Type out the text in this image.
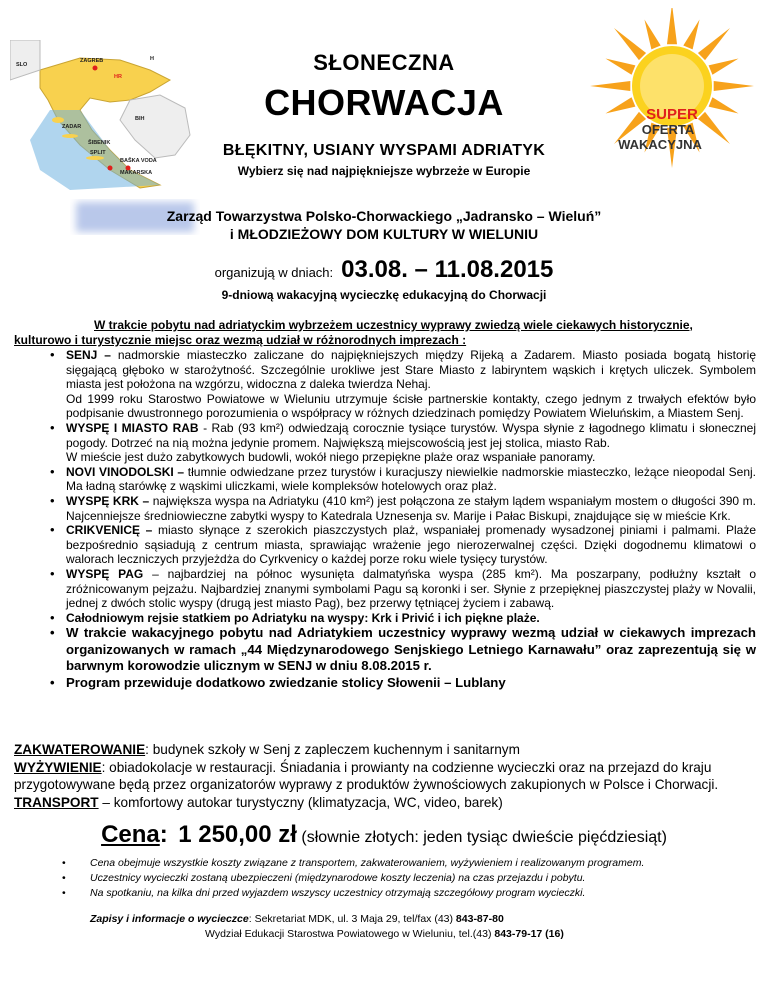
SLO
ZAGREB	H
HR
BIH
ZADAR
ŠIBENIK
SPLIT
BAŠKA VODA
MAKARSKA
SUPER
OFERTA
WAKACYJNA
SŁONECZNA
CHORWACJA
BŁĘKITNY, USIANY WYSPAMI ADRIATYK
Wybierz się nad najpiękniejsze wybrzeże w Europie
Zarząd Towarzystwa Polsko-Chorwackiego „Jadransko – Wieluń”
i MŁODZIEŻOWY DOM KULTURY W WIELUNIU
organizują w dniach: 03.08. – 11.08.2015
9-dniową wakacyjną wycieczkę edukacyjną do Chorwacji
W trakcie pobytu nad adriatyckim wybrzeżem uczestnicy wyprawy zwiedzą wiele ciekawych historycznie,
kulturowo i turystycznie miejsc oraz wezmą udział w różnorodnych imprezach :
• SENJ – nadmorskie miasteczko zaliczane do najpiękniejszych między Rijeką a Zadarem. Miasto posiada bogatą historię sięgającą głęboko w starożytność. Szczególnie urokliwe jest Stare Miasto z labiryntem wąskich i krętych uliczek. Symbolem miasta jest położona na wzgórzu, widoczna z daleka twierdza Nehaj.
Od 1999 roku Starostwo Powiatowe w Wieluniu utrzymuje ścisłe partnerskie kontakty, czego jednym z trwałych efektów było podpisanie dwustronnego porozumienia o współpracy w różnych dziedzinach pomiędzy Powiatem Wieluńskim, a Miastem Senj.
• WYSPĘ I MIASTO RAB - Rab (93 km²) odwiedzają corocznie tysiące turystów. Wyspa słynie z łagodnego klimatu i słonecznej pogody. Dotrzeć na nią można jedynie promem. Największą miejscowością jest jej stolica, miasto Rab.
W mieście jest dużo zabytkowych budowli, wokół niego przepiękne plaże oraz wspaniałe panoramy.
• NOVI VINODOLSKI – tłumnie odwiedzane przez turystów i kuracjuszy niewielkie nadmorskie miasteczko, leżące nieopodal Senj. Ma ładną starówkę z wąskimi uliczkami, wiele kompleksów hotelowych oraz plaż.
• WYSPĘ KRK – największa wyspa na Adriatyku (410 km²) jest połączona ze stałym lądem wspaniałym mostem o długości 390 m. Najcenniejsze średniowieczne zabytki wyspy to Katedrala Uznesenja sv. Marije i Pałac Biskupi, znajdujące się w mieście Krk.
• CRIKVENICĘ – miasto słynące z szerokich piaszczystych plaż, wspaniałej promenady wysadzonej piniami i palmami. Plaże bezpośrednio sąsiadują z centrum miasta, sprawiając wrażenie jego nierozerwalnej części. Dzięki dogodnemu klimatowi o walorach leczniczych przyjeżdża do Cyrkvenicy o każdej porze roku wiele tysięcy turystów.
• WYSPĘ PAG – najbardziej na północ wysunięta dalmatyńska wyspa (285 km²). Ma poszarpany, podłużny kształt o zróżnicowanym pejzażu. Najbardziej znanymi symbolami Pagu są koronki i ser. Słynie z przepięknej piaszczystej plaży w Novalii, jednej z dwóch stolic wyspy (drugą jest miasto Pag), bez przerwy tętniącej życiem i zabawą.
• Całodniowym rejsie statkiem po Adriatyku na wyspy: Krk i Privić i ich piękne plaże.
• W trakcie wakacyjnego pobytu nad Adriatykiem uczestnicy wyprawy wezmą udział w ciekawych imprezach organizowanych w ramach „44 Międzynarodowego Senjskiego Letniego Karnawału” oraz zaprezentują się w barwnym korowodzie ulicznym w SENJ w dniu 8.08.2015 r.
• Program przewiduje dodatkowo zwiedzanie stolicy Słowenii – Lublany
ZAKWATEROWANIE: budynek szkoły w Senj z zapleczem kuchennym i sanitarnym
WYŻYWIENIE: obiadokolacje w restauracji. Śniadania i prowianty na codzienne wycieczki oraz na przejazd do kraju przygotowywane będą przez organizatorów wyprawy z produktów żywnościowych zakupionych w Polsce i Chorwacji.
TRANSPORT – komfortowy autokar turystyczny (klimatyzacja, WC, video, barek)
Cena: 1 250,00 zł (słownie złotych: jeden tysiąc dwieście pięćdziesiąt)
• Cena obejmuje wszystkie koszty związane z transportem, zakwaterowaniem, wyżywieniem i realizowanym programem.
• Uczestnicy wycieczki zostaną ubezpieczeni (międzynarodowe koszty leczenia) na czas przejazdu i pobytu.
• Na spotkaniu, na kilka dni przed wyjazdem wszyscy uczestnicy otrzymają szczegółowy program wycieczki.
Zapisy i informacje o wycieczce: Sekretariat MDK, ul. 3 Maja 29, tel/fax (43) 843-87-80
Wydział Edukacji Starostwa Powiatowego w Wieluniu, tel.(43) 843-79-17 (16)
